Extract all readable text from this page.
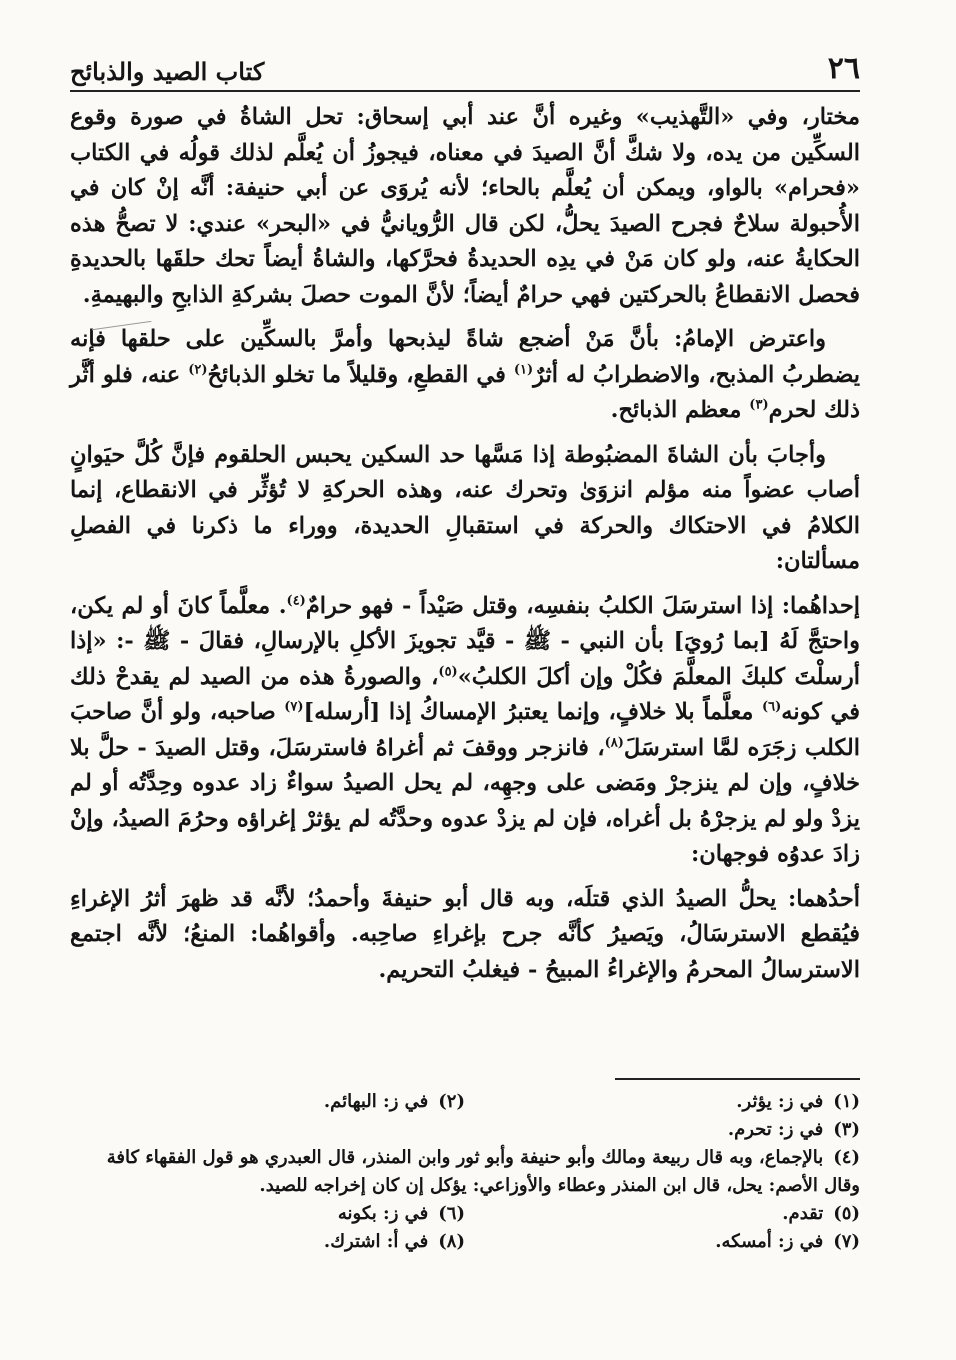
٢٦
كتاب الصيد والذبائح

مختار، وفي «التَّهذيب» وغيره أنَّ عند أبي إسحاق: تحل الشاةُ في صورة وقوع السكِّين من يده، ولا شكَّ أنَّ الصيدَ في معناه، فيجوزُ أن يُعلَّم لذلك قولُه في الكتاب «فحرام» بالواو، ويمكن أن يُعلَّم بالحاء؛ لأنه يُروَى عن أبي حنيفة: أنَّه إنْ كان في الأُحبولة سلاحٌ فجرح الصيدَ يحلُّ، لكن قال الرُّويانيُّ في «البحر» عندي: لا تصحُّ هذه الحكايةُ عنه، ولو كان مَنْ في يدِه الحديدةُ فحرَّكها، والشاةُ أيضاً تحك حلقَها بالحديدةِ فحصل الانقطاعُ بالحركتين فهي حرامٌ أيضاً؛ لأنَّ الموت حصلَ بشركةِ الذابحِ والبهيمةِ.

واعترض الإمامُ: بأنَّ مَنْ أضجع شاةً ليذبحها وأمرَّ بالسكِّين على حلقها فإنه يضطربُ المذبح، والاضطرابُ له أثرٌ$^{(١)}$ في القطعِ، وقليلاً ما تخلو الذبائحُ$^{(٢)}$ عنه، فلو أثَّر ذلك لحرم$^{(٣)}$ معظم الذبائح.

وأجابَ بأن الشاةَ المضبُوطة إذا مَسَّها حد السكين يحبس الحلقوم فإنَّ كُلَّ حيَوانٍ أصاب عضواً منه مؤلم انزوَىٰ وتحرك عنه، وهذه الحركةِ لا تُؤثِّر في الانقطاع، إنما الكلامُ في الاحتكاك والحركة في استقبالِ الحديدة، ووراء ما ذكرنا في الفصلِ مسألتان:

إحداهُما: إذا استرسَلَ الكلبُ بنفسِه، وقتل صَيْداً - فهو حرامٌ$^{(٤)}$. معلَّماً كانَ أو لم يكن، واحتجَّ لَهُ [بما رُويَ] بأن النبي - ﷺ - قيَّد تجويزَ الأكلِ بالإرسالِ، فقالَ - ﷺ -: «إذا أرسلْتَ كلبكَ المعلَّمَ فكُلْ وإن أكلَ الكلبُ»$^{(٥)}$، والصورةُ هذه من الصيد لم يقدحْ ذلك في كونه$^{(٦)}$ معلَّماً بلا خلافٍ، وإنما يعتبرُ الإمساكُ إذا [أرسله]$^{(٧)}$ صاحبه، ولو أنَّ صاحبَ الكلب زجَرَه لمَّا استرسَلَ$^{(٨)}$، فانزجر ووقفَ ثم أغراهُ فاسترسَلَ، وقتل الصيدَ - حلَّ بلا خلافٍ، وإن لم ينزجرْ ومَضى على وجهِه، لم يحل الصيدُ سواءٌ زاد عدوه وحِدَّتُه أو لم يزدْ ولو لم يزجرْهُ بل أغراه، فإن لم يزدْ عدوه وحدَّتُه لم يؤثرْ إغراؤه وحرُمَ الصيدُ، وإنْ زادَ عدوُه فوجهان:

أحدُهما: يحلُّ الصيدُ الذي قتلَه، وبه قال أبو حنيفةَ وأحمدُ؛ لأنَّه قد ظهرَ أثرُ الإغراءِ فيُقطع الاسترسَالُ، ويَصيرُ كأنَّه جرح بإغراءِ صاحِبه. وأقواهُما: المنعُ؛ لأنَّه اجتمع الاسترسالُ المحرمُ والإغراءُ المبيحُ - فيغلبُ التحريم.

(١)في ز: يؤثر.
(٢)في ز: البهائم.
(٣)في ز: تحرم.
(٤)بالإجماع، وبه قال ربيعة ومالك وأبو حنيفة وأبو ثور وابن المنذر، قال العبدري هو قول الفقهاء كافة وقال الأصم: يحل، قال ابن المنذر وعطاء والأوزاعي: يؤكل إن كان إخراجه للصيد.
(٥)تقدم.
(٦)في ز: بكونه
(٧)في ز: أمسكه.
(٨)في أ: اشترك.
